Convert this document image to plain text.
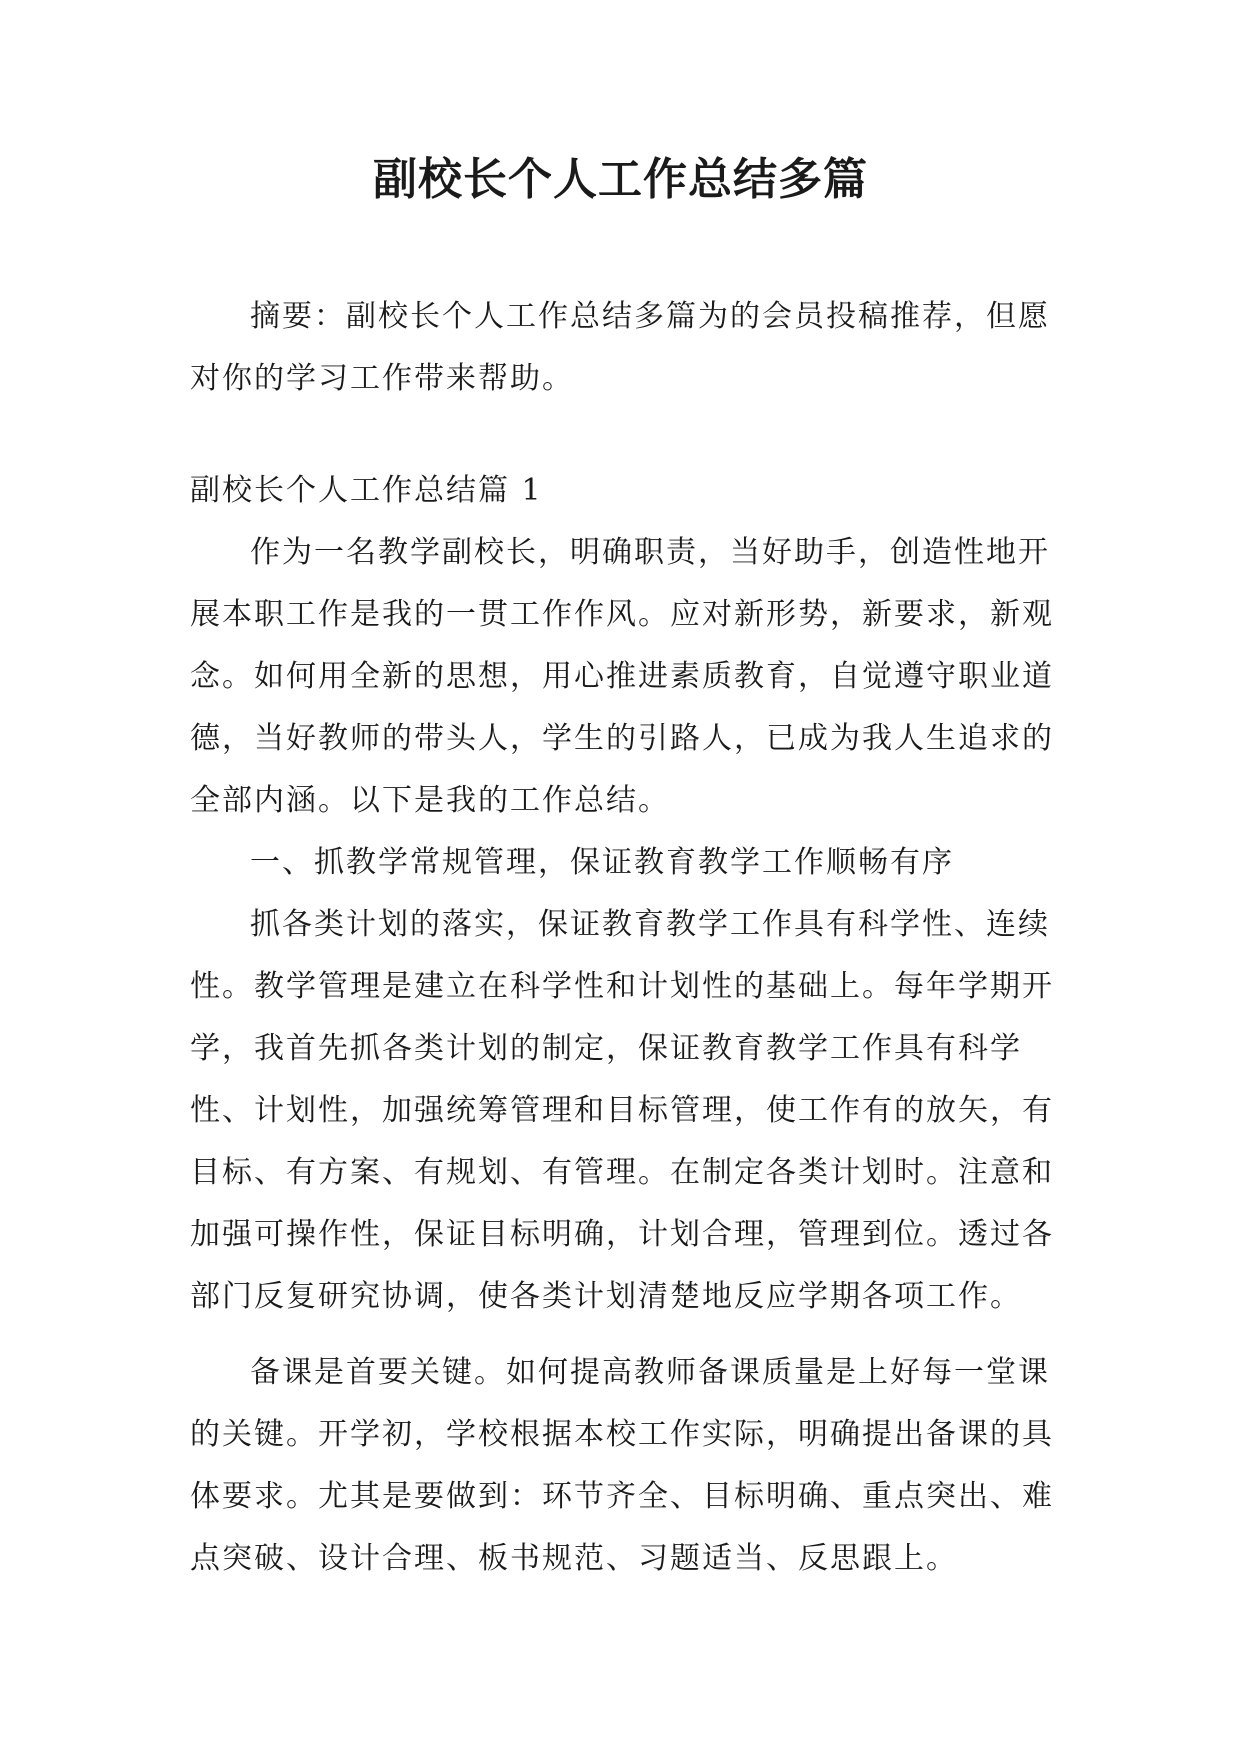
副校长个人工作总结多篇

摘要：副校长个人工作总结多篇为的会员投稿推荐，但愿对你的学习工作带来帮助。

副校长个人工作总结篇 1

作为一名教学副校长，明确职责，当好助手，创造性地开展本职工作是我的一贯工作作风。应对新形势，新要求，新观念。如何用全新的思想，用心推进素质教育，自觉遵守职业道德，当好教师的带头人，学生的引路人，已成为我人生追求的全部内涵。以下是我的工作总结。

一、抓教学常规管理，保证教育教学工作顺畅有序

抓各类计划的落实，保证教育教学工作具有科学性、连续性。教学管理是建立在科学性和计划性的基础上。每年学期开学，我首先抓各类计划的制定，保证教育教学工作具有科学性、计划性，加强统筹管理和目标管理，使工作有的放矢，有目标、有方案、有规划、有管理。在制定各类计划时。注意和加强可操作性，保证目标明确，计划合理，管理到位。透过各部门反复研究协调，使各类计划清楚地反应学期各项工作。

备课是首要关键。如何提高教师备课质量是上好每一堂课的关键。开学初，学校根据本校工作实际，明确提出备课的具体要求。尤其是要做到：环节齐全、目标明确、重点突出、难点突破、设计合理、板书规范、习题适当、反思跟上。
